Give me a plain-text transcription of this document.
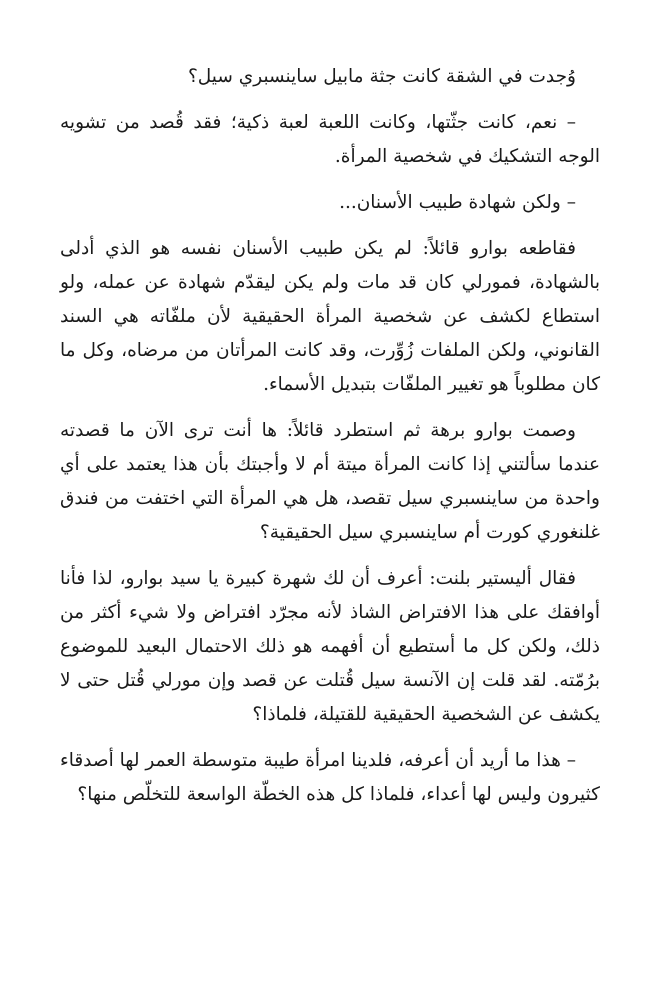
وُجدت في الشقة كانت جثة مابيل ساينسبري سيل؟

– نعم، كانت جثّتها، وكانت اللعبة لعبة ذكية؛ فقد قُصد من تشويه الوجه التشكيك في شخصية المرأة.

– ولكن شهادة طبيب الأسنان...

فقاطعه بوارو قائلاً: لم يكن طبيب الأسنان نفسه هو الذي أدلى بالشهادة، فمورلي كان قد مات ولم يكن ليقدّم شهادة عن عمله، ولو استطاع لكشف عن شخصية المرأة الحقيقية لأن ملفّاته هي السند القانوني، ولكن الملفات زُوِّرت، وقد كانت المرأتان من مرضاه، وكل ما كان مطلوباً هو تغيير الملفّات بتبديل الأسماء.

وصمت بوارو برهة ثم استطرد قائلاً: ها أنت ترى الآن ما قصدته عندما سألتني إذا كانت المرأة ميتة أم لا وأجبتك بأن هذا يعتمد على أي واحدة من ساينسبري سيل تقصد، هل هي المرأة التي اختفت من فندق غلنغوري كورت أم ساينسبري سيل الحقيقية؟

فقال أليستير بلنت: أعرف أن لك شهرة كبيرة يا سيد بوارو، لذا فأنا أوافقك على هذا الافتراض الشاذ لأنه مجرّد افتراض ولا شيء أكثر من ذلك، ولكن كل ما أستطيع أن أفهمه هو ذلك الاحتمال البعيد للموضوع برُمّته. لقد قلت إن الآنسة سيل قُتلت عن قصد وإن مورلي قُتل حتى لا يكشف عن الشخصية الحقيقية للقتيلة، فلماذا؟

– هذا ما أريد أن أعرفه، فلدينا امرأة طيبة متوسطة العمر لها أصدقاء كثيرون وليس لها أعداء، فلماذا كل هذه الخطّة الواسعة للتخلّص منها؟
